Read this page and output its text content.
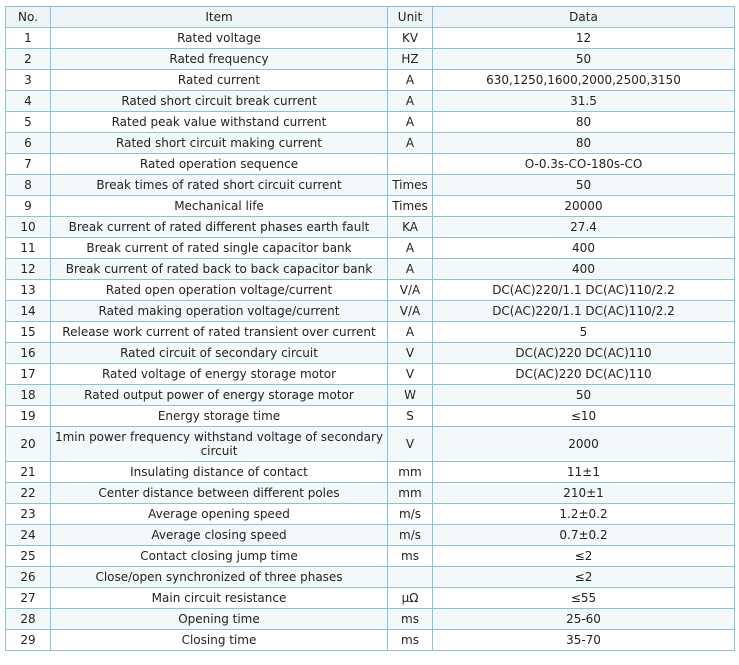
No.	Item	Unit	Data
1	Rated voltage	KV	12
2	Rated frequency	HZ	50
3	Rated current	A	630,1250,1600,2000,2500,3150
4	Rated short circuit break current	A	31.5
5	Rated peak value withstand current	A	80
6	Rated short circuit making current	A	80
7	Rated operation sequence		O-0.3s-CO-180s-CO
8	Break times of rated short circuit current	Times	50
9	Mechanical life	Times	20000
10	Break current of rated different phases earth fault	KA	27.4
11	Break current of rated single capacitor bank	A	400
12	Break current of rated back to back capacitor bank	A	400
13	Rated open operation voltage/current	V/A	DC(AC)220/1.1 DC(AC)110/2.2
14	Rated making operation voltage/current	V/A	DC(AC)220/1.1 DC(AC)110/2.2
15	Release work current of rated transient over current	A	5
16	Rated circuit of secondary circuit	V	DC(AC)220 DC(AC)110
17	Rated voltage of energy storage motor	V	DC(AC)220 DC(AC)110
18	Rated output power of energy storage motor	W	50
19	Energy storage time	S	≤10
20	1min power frequency withstand voltage of secondary circuit	V	2000
21	Insulating distance of contact	mm	11±1
22	Center distance between different poles	mm	210±1
23	Average opening speed	m/s	1.2±0.2
24	Average closing speed	m/s	0.7±0.2
25	Contact closing jump time	ms	≤2
26	Close/open synchronized of three phases		≤2
27	Main circuit resistance	μΩ	≤55
28	Opening time	ms	25-60
29	Closing time	ms	35-70
